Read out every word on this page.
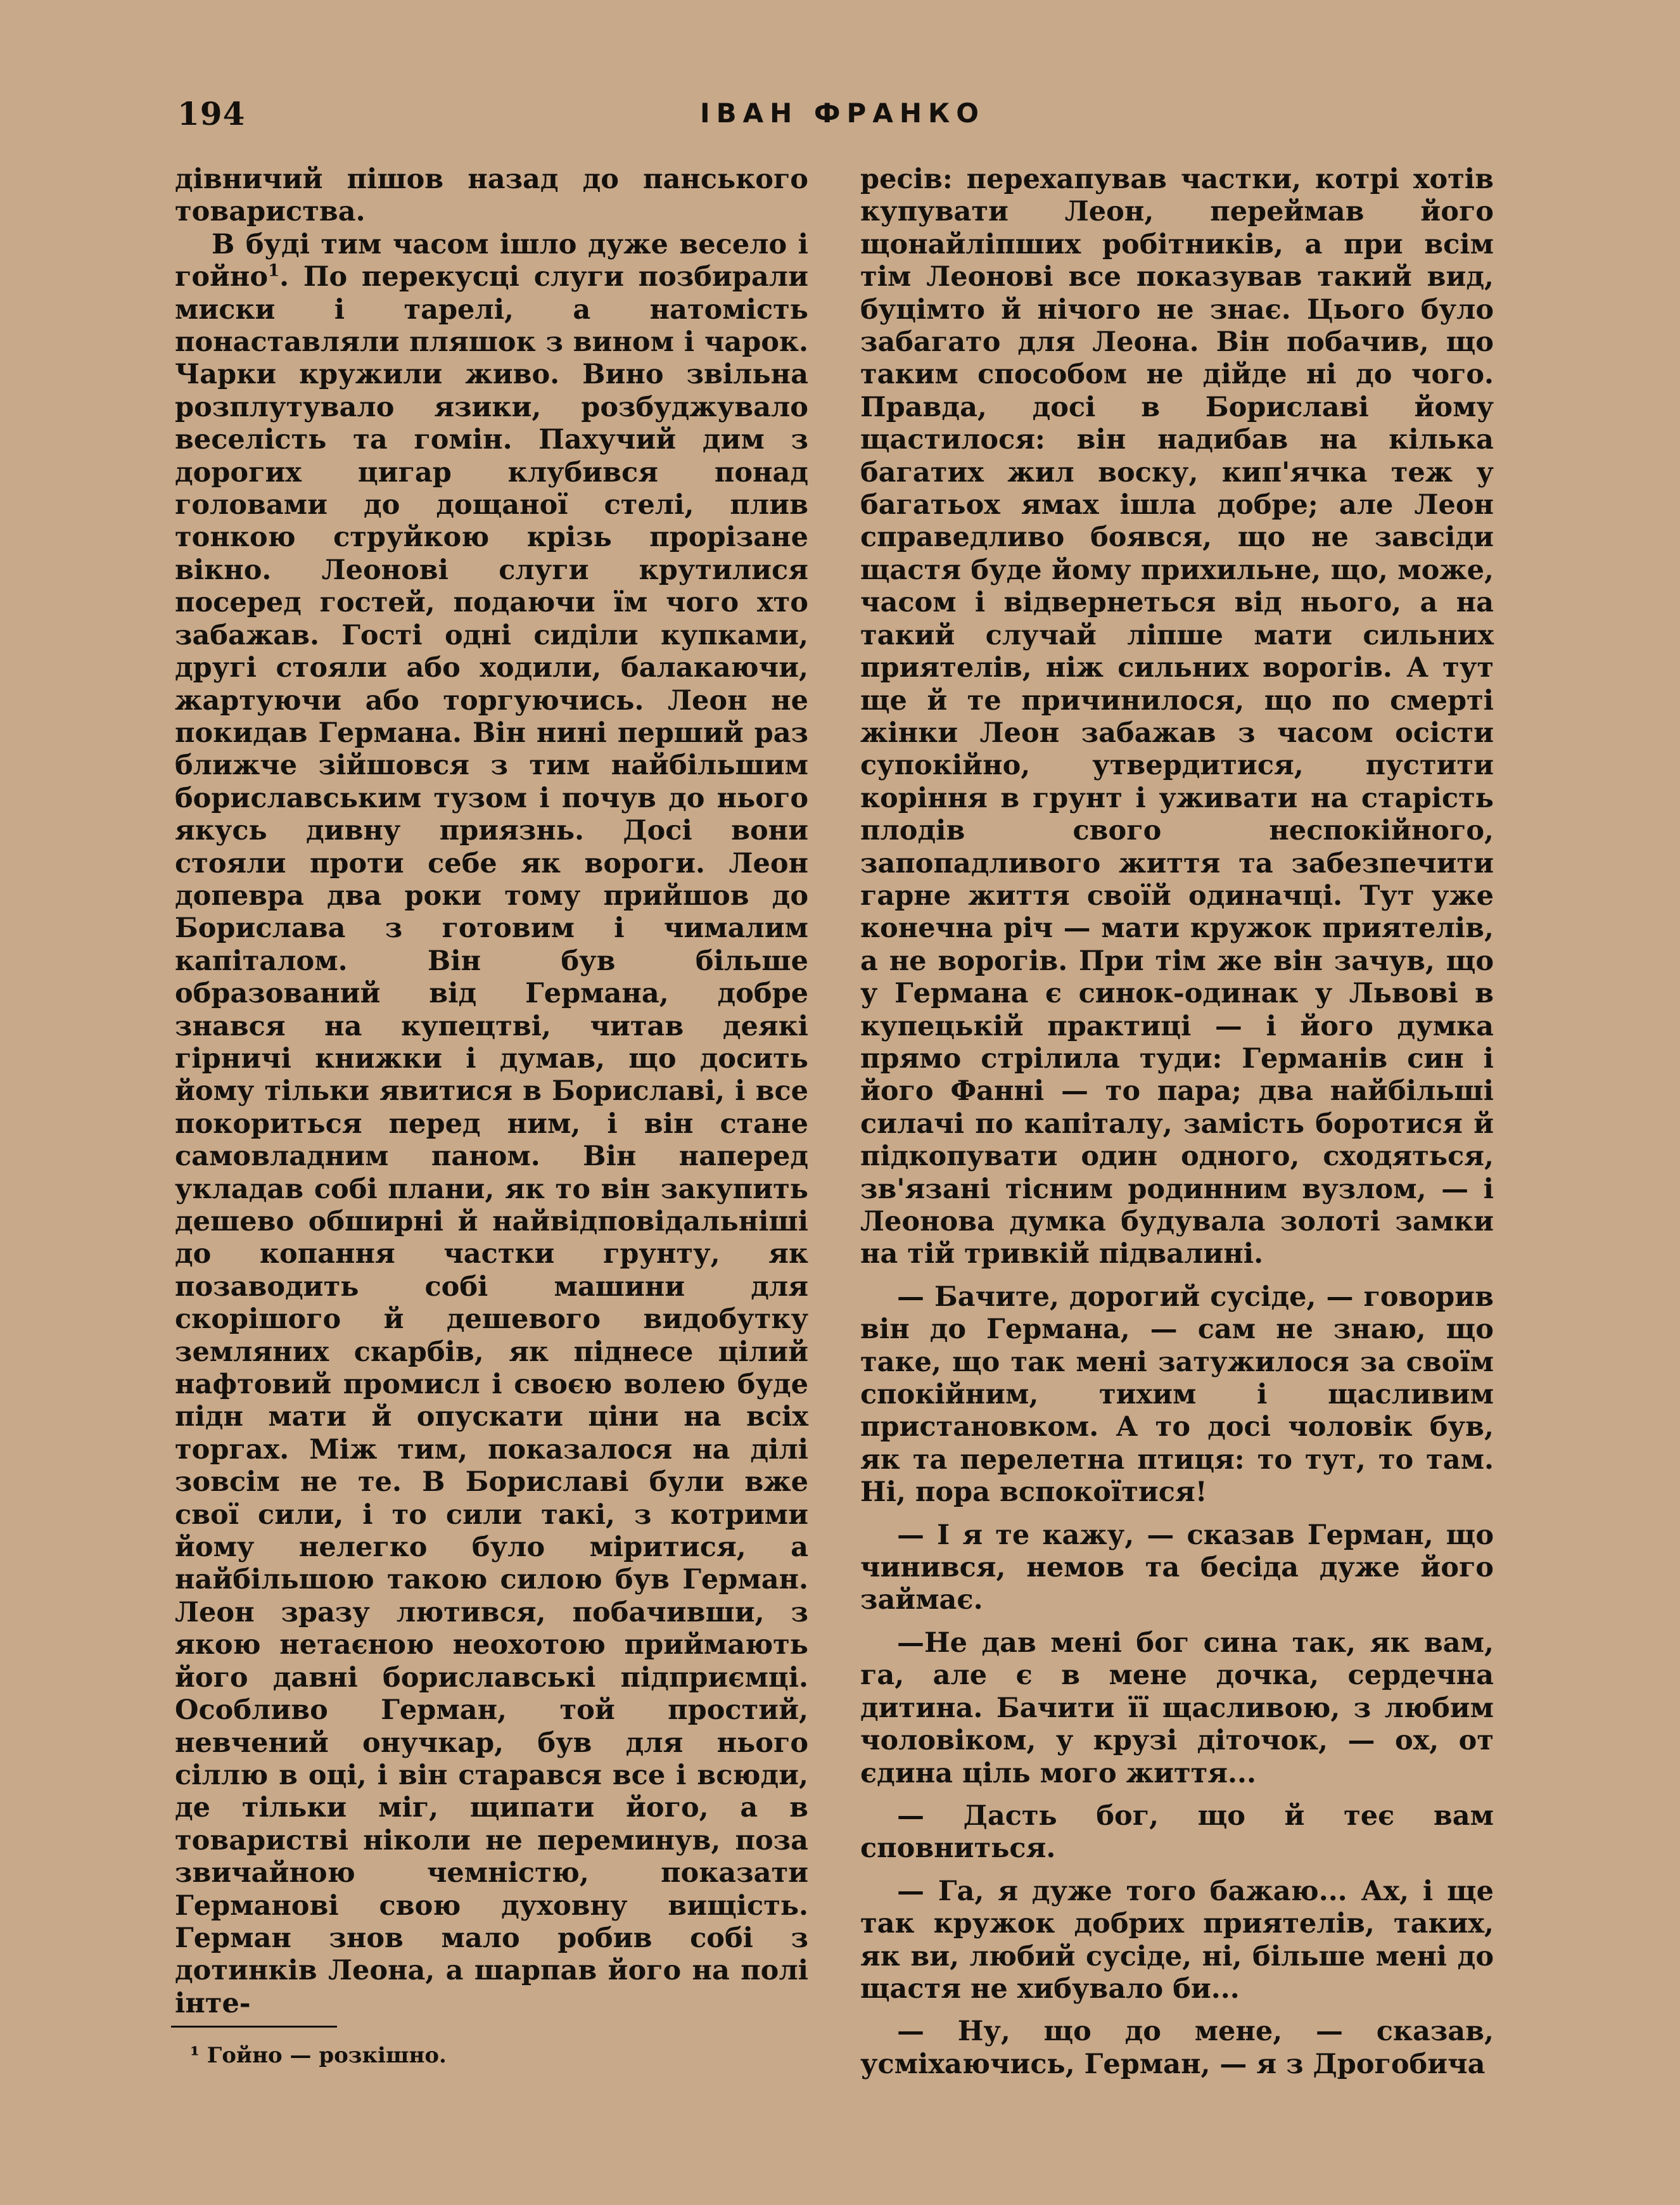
194	ІВАН ФРАНКО

дівничий пішов назад до панського товариства.

В буді тим часом ішло дуже весело і гойно$^1$. По перекусці слуги позбирали миски і тарелі, а натомість понаставляли пляшок з вином і чарок. Чарки кружили живо. Вино звільна розплутувало язики, розбуджувало веселість та гомін. Пахучий дим з дорогих цигар клубився понад головами до дощаної стелі, плив тонкою струйкою крізь прорізане вікно. Леонові слуги крутилися посеред гостей, подаючи їм чого хто забажав. Гості одні сиділи купками, другі стояли або ходили, балакаючи, жартуючи або торгуючись. Леон не покидав Германа. Він нині перший раз ближче зійшовся з тим найбільшим бориславським тузом і почув до нього якусь дивну приязнь. Досі вони стояли проти себе як вороги. Леон допевра два роки тому прийшов до Борислава з готовим і чималим капіталом. Він був більше образований від Германа, добре знався на купецтві, читав деякі гірничі книжки і думав, що досить йому тільки явитися в Бориславі, і все покориться перед ним, і він стане самовладним паном. Він наперед укладав собі плани, як то він закупить дешево обширні й найвідповідальніші до копання частки грунту, як позаводить собі машини для скорішого й дешевого видобутку земляних скарбів, як піднесе цілий нафтовий промисл і своєю волею буде підн мати й опускати ціни на всіх торгах. Між тим, показалося на ділі зовсім не те. В Бориславі були вже свої сили, і то сили такі, з котрими йому нелегко було міритися, а найбільшою такою силою був Герман. Леон зразу лютився, побачивши, з якою нетаєною неохотою приймають його давні бориславські підприємці. Особливо Герман, той простий, невчений онучкар, був для нього сіллю в оці, і він старався все і всюди, де тільки міг, щипати його, а в товаристві ніколи не переминув, поза звичайною чемністю, показати Германові свою духовну вищість. Герман знов мало робив собі з дотинків Леона, а шарпав його на полі інте-

ресів: перехапував частки, котрі хотів купувати Леон, переймав його щонайліпших робітників, а при всім тім Леонові все показував такий вид, буцімто й нічого не знає. Цього було забагато для Леона. Він побачив, що таким способом не дійде ні до чого. Правда, досі в Бориславі йому щастилося: він надибав на кілька багатих жил воску, кип'ячка теж у багатьох ямах ішла добре; але Леон справедливо боявся, що не завсіди щастя буде йому прихильне, що, може, часом і відвернеться від нього, а на такий случай ліпше мати сильних приятелів, ніж сильних ворогів. А тут ще й те причинилося, що по смерті жінки Леон забажав з часом осісти супокійно, утвердитися, пустити коріння в грунт і уживати на старість плодів свого неспокійного, запопадливого життя та забезпечити гарне життя своїй одиначці. Тут уже конечна річ — мати кружок приятелів, а не ворогів. При тім же він зачув, що у Германа є синок-одинак у Львові в купецькій практиці — і його думка прямо стрілила туди: Германів син і його Фанні — то пара; два найбільші силачі по капіталу, замість боротися й підкопувати один одного, сходяться, зв'язані тісним родинним вузлом, — і Леонова думка будувала золоті замки на тій тривкій підвалині.

— Бачите, дорогий сусіде, — говорив він до Германа, — сам не знаю, що таке, що так мені затужилося за своїм спокійним, тихим і щасливим пристановком. А то досі чоловік був, як та перелетна птиця: то тут, то там. Ні, пора вспокоїтися!

— І я те кажу, — сказав Герман, що чинився, немов та бесіда дуже його займає.

—Не дав мені бог сина так, як вам, га, але є в мене дочка, сердечна дитина. Бачити її щасливою, з любим чоловіком, у крузі діточок, — ох, от єдина ціль мого життя...

— Дасть бог, що й теє вам сповниться.

— Га, я дуже того бажаю... Ах, і ще так кружок добрих приятелів, таких, як ви, любий сусіде, ні, більше мені до щастя не хибувало би...

— Ну, що до мене, — сказав, усміхаючись, Герман, — я з Дрогобича

¹ Гойно — розкішно.
